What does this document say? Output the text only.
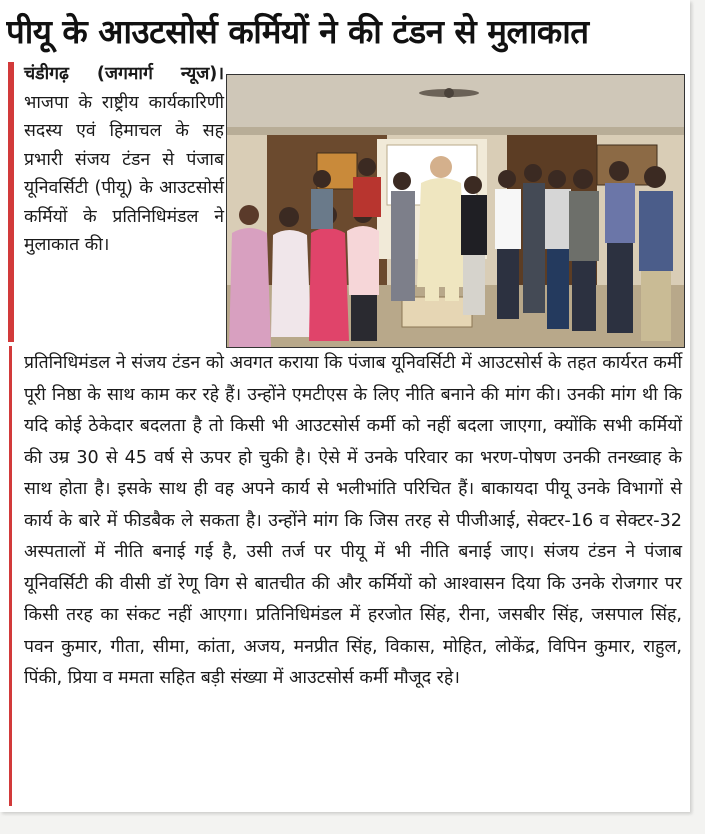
पीयू के आउटसोर्स कर्मियों ने की टंडन से मुलाकात
चंडीगढ़ (जगमार्ग न्यूज)। भाजपा के राष्ट्रीय कार्यकारिणी सदस्य एवं हिमाचल के सह प्रभारी संजय टंडन से पंजाब यूनिवर्सिटी (पीयू) के आउटसोर्स कर्मियों के प्रतिनिधिमंडल ने मुलाकात की।
प्रतिनिधिमंडल ने संजय टंडन को अवगत कराया कि पंजाब यूनिवर्सिटी में आउटसोर्स के तहत कार्यरत कर्मी पूरी निष्ठा के साथ काम कर रहे हैं। उन्होंने एमटीएस के लिए नीति बनाने की मांग की। उनकी मांग थी कि यदि कोई ठेकेदार बदलता है तो किसी भी आउटसोर्स कर्मी को नहीं बदला जाएगा, क्योंकि सभी कर्मियों की उम्र 30 से 45 वर्ष से ऊपर हो चुकी है। ऐसे में उनके परिवार का भरण-पोषण उनकी तनख्वाह के साथ होता है। इसके साथ ही वह अपने कार्य से भलीभांति परिचित हैं। बाकायदा पीयू उनके विभागों से कार्य के बारे में फीडबैक ले सकता है। उन्होंने मांग कि जिस तरह से पीजीआई, सेक्टर-16 व सेक्टर-32 अस्पतालों में नीति बनाई गई है, उसी तर्ज पर पीयू में भी नीति बनाई जाए। संजय टंडन ने पंजाब यूनिवर्सिटी की वीसी डॉ रेणू विग से बातचीत की और कर्मियों को आश्वासन दिया कि उनके रोजगार पर किसी तरह का संकट नहीं आएगा। प्रतिनिधिमंडल में हरजोत सिंह, रीना, जसबीर सिंह, जसपाल सिंह, पवन कुमार, गीता, सीमा, कांता, अजय, मनप्रीत सिंह, विकास, मोहित, लोकेंद्र, विपिन कुमार, राहुल, पिंकी, प्रिया व ममता सहित बड़ी संख्या में आउटसोर्स कर्मी मौजूद रहे।
